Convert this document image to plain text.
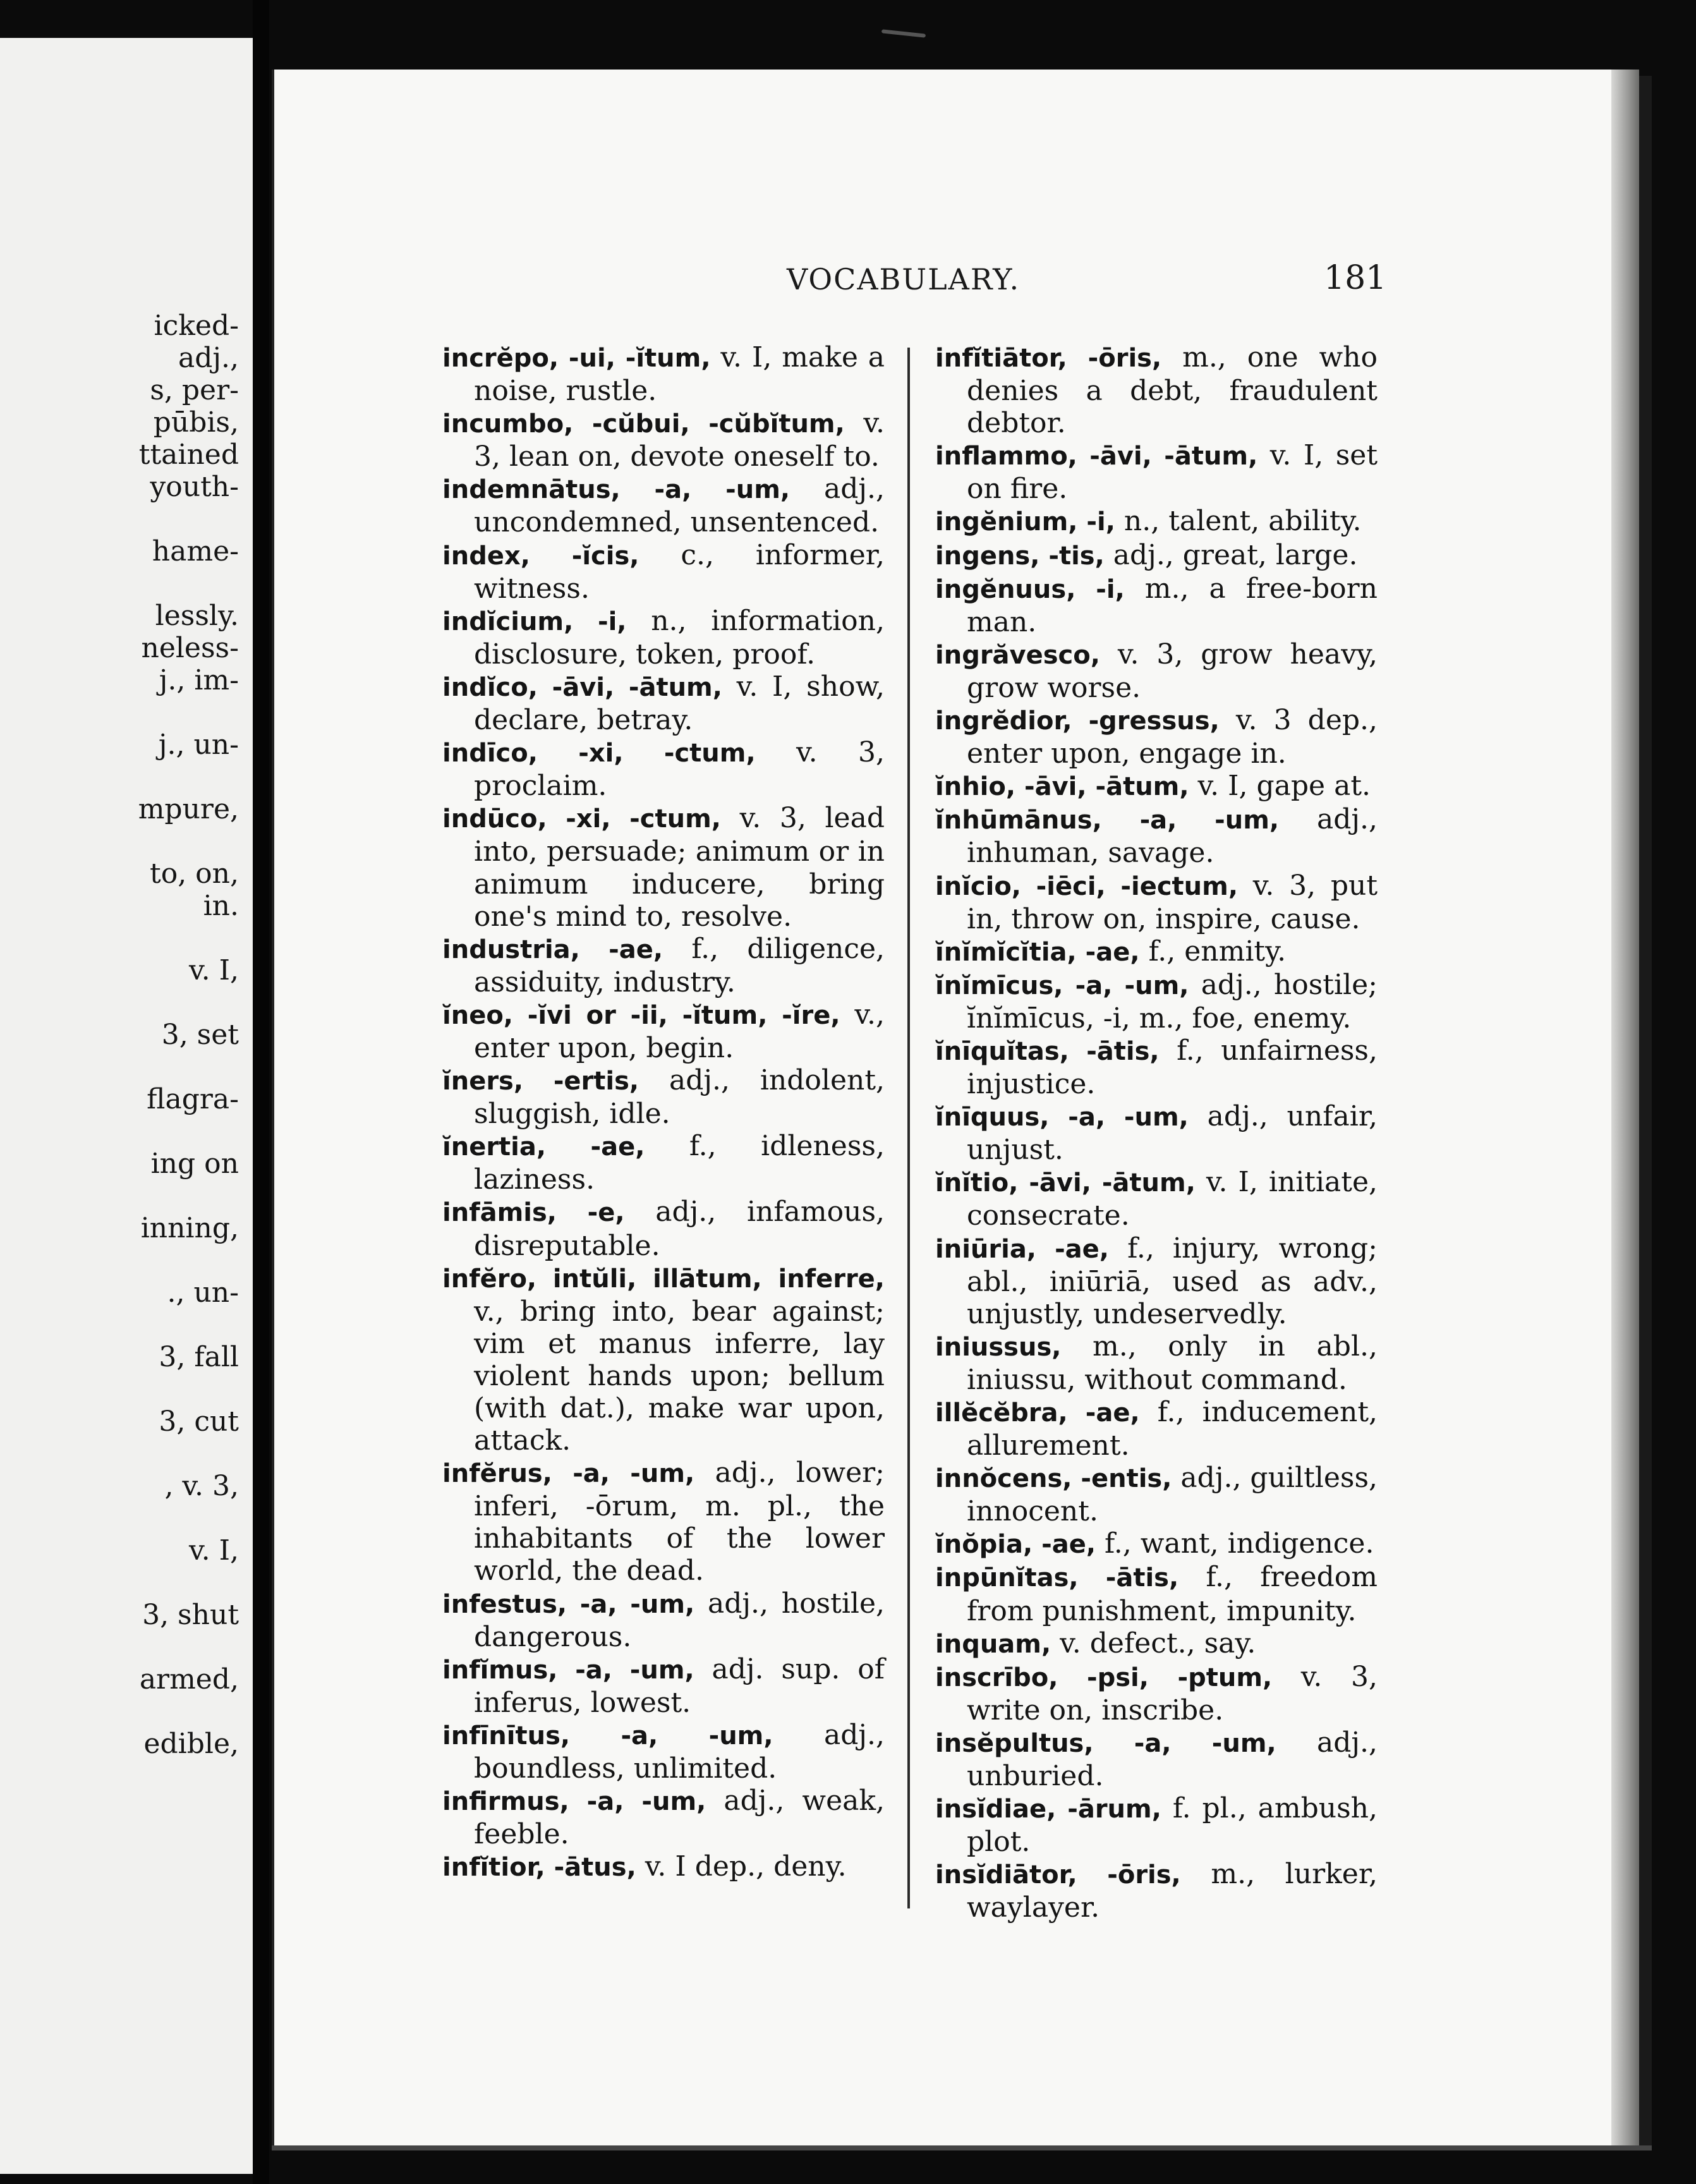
icked-
adj.,
s, per-
pūbis,
ttained
youth-

hame-

lessly.
neless-
j., im-

j., un-

mpure,

to, on,
in.

v. I,

3, set

flagra-

ing on

inning,

., un-

3, fall

3, cut

, v. 3,

v. I,

3, shut

armed,

edible,
VOCABULARY.	181

incrĕpo, -ui, -ĭtum, v. I, make a noise, rustle.

incumbo, -cŭbui, -cŭbĭtum, v. 3, lean on, devote oneself to.

indemnātus, -a, -um, adj., uncondemned, unsentenced.

index, -ĭcis, c., informer, witness.

indĭcium, -i, n., information, disclosure, token, proof.

indĭco, -āvi, -ātum, v. I, show, declare, betray.

indīco, -xi, -ctum, v. 3, proclaim.

indūco, -xi, -ctum, v. 3, lead into, persuade; animum or in animum inducere, bring one's mind to, resolve.

industria, -ae, f., diligence, assiduity, industry.

ĭneo, -ĭvi or -ii, -ĭtum, -ĭre, v., enter upon, begin.

ĭners, -ertis, adj., indolent, sluggish, idle.

ĭnertia, -ae, f., idleness, laziness.

infāmis, -e, adj., infamous, disreputable.

infĕro, intŭli, illātum, inferre, v., bring into, bear against; vim et manus inferre, lay violent hands upon; bellum (with dat.), make war upon, attack.

infĕrus, -a, -um, adj., lower; inferi, -ōrum, m. pl., the inhabitants of the lower world, the dead.

infestus, -a, -um, adj., hostile, dangerous.

infĭmus, -a, -um, adj. sup. of inferus, lowest.

infīnītus, -a, -um, adj., boundless, unlimited.

infirmus, -a, -um, adj., weak, feeble.

infĭtior, -ātus, v. I dep., deny.

infĭtiātor, -ōris, m., one who denies a debt, fraudulent debtor.

inflammo, -āvi, -ātum, v. I, set on fire.

ingĕnium, -i, n., talent, ability.

ingens, -tis, adj., great, large.

ingĕnuus, -i, m., a free-born man.

ingrăvesco, v. 3, grow heavy, grow worse.

ingrĕdior, -gressus, v. 3 dep., enter upon, engage in.

ĭnhio, -āvi, -ātum, v. I, gape at.

ĭnhūmānus, -a, -um, adj., inhuman, savage.

inĭcio, -iēci, -iectum, v. 3, put in, throw on, inspire, cause.

ĭnĭmĭcĭtia, -ae, f., enmity.

ĭnĭmīcus, -a, -um, adj., hostile; ĭnĭmīcus, -i, m., foe, enemy.

ĭnīquĭtas, -ātis, f., unfairness, injustice.

ĭnīquus, -a, -um, adj., unfair, unjust.

ĭnĭtio, -āvi, -ātum, v. I, initiate, consecrate.

iniūria, -ae, f., injury, wrong; abl., iniūriā, used as adv., unjustly, undeservedly.

iniussus, m., only in abl., iniussu, without command.

illĕcĕbra, -ae, f., inducement, allurement.

innŏcens, -entis, adj., guiltless, innocent.

ĭnŏpia, -ae, f., want, indigence.

inpūnĭtas, -ātis, f., freedom from punishment, impunity.

inquam, v. defect., say.

inscrībo, -psi, -ptum, v. 3, write on, inscribe.

insĕpultus, -a, -um, adj., unburied.

insĭdiae, -ārum, f. pl., ambush, plot.

insĭdiātor, -ōris, m., lurker, waylayer.
